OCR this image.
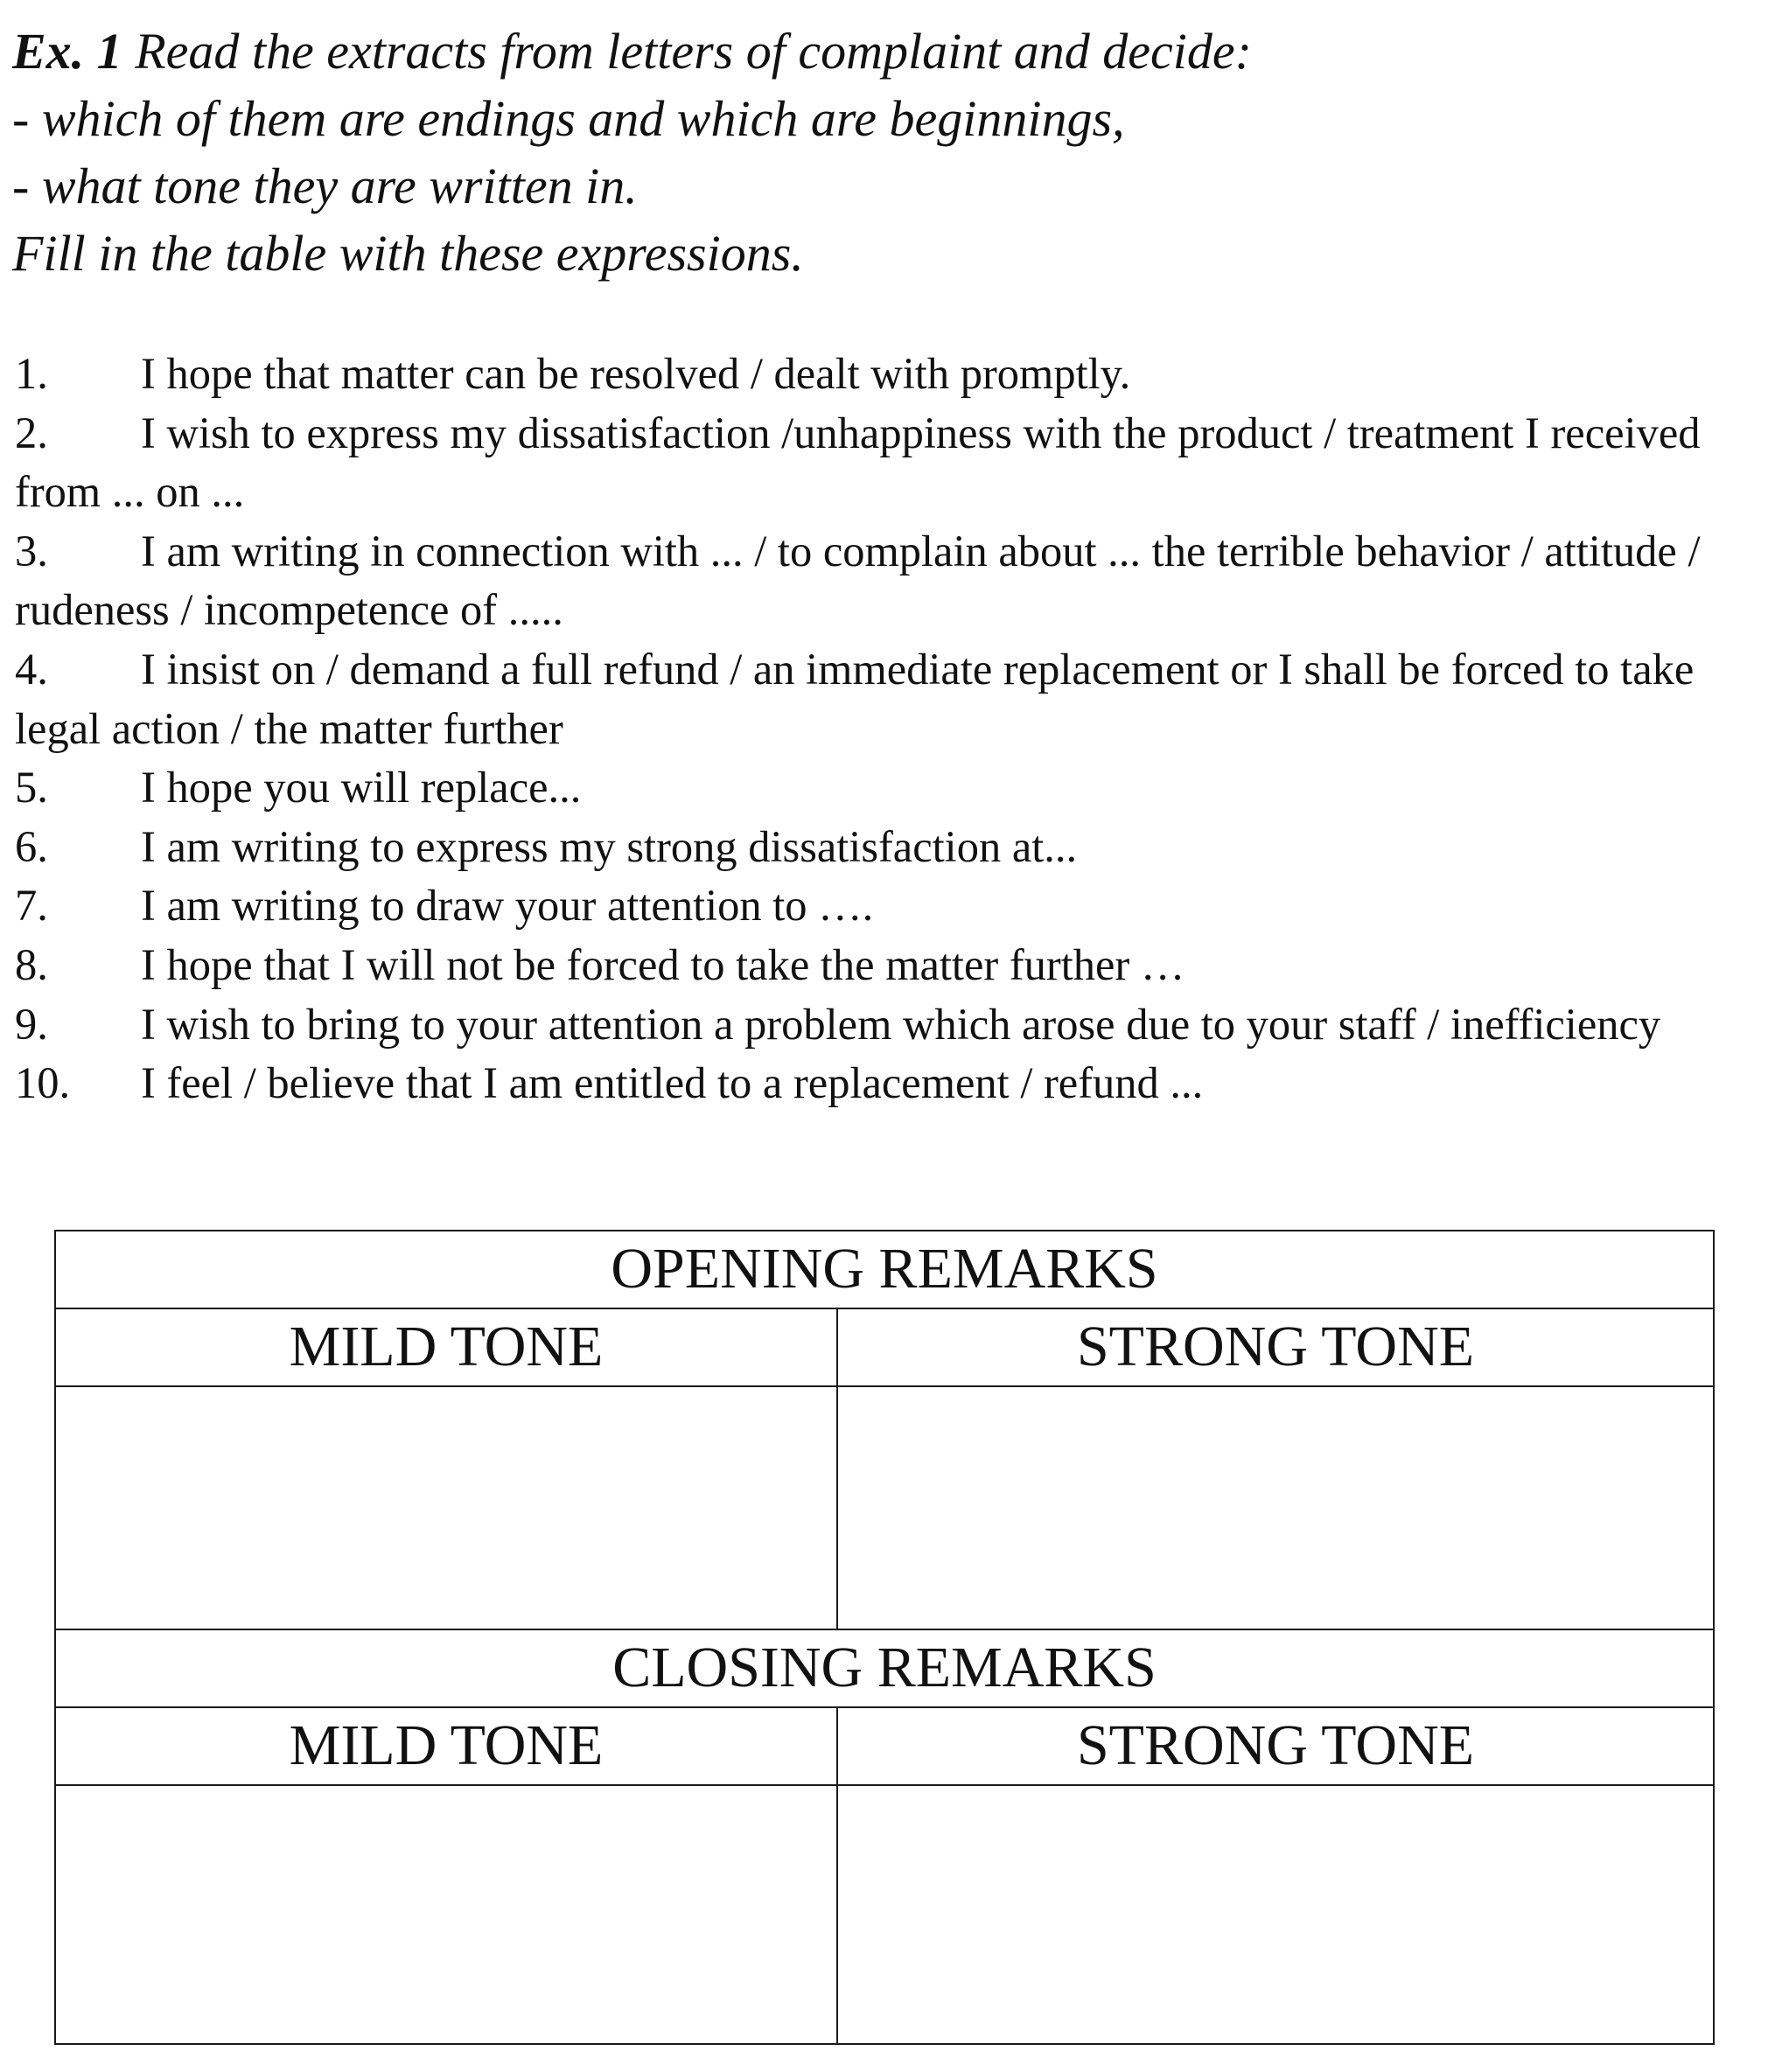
Ex. 1 Read the extracts from letters of complaint and decide:
- which of them are endings and which are beginnings,
- what tone they are written in.
Fill in the table with these expressions.
1. I hope that matter can be resolved / dealt with promptly.
2. I wish to express my dissatisfaction /unhappiness with the product / treatment I received from ... on ...
3. I am writing in connection with ... / to complain about ... the terrible behavior / attitude / rudeness / incompetence of .....
4. I insist on / demand a full refund / an immediate replacement or I shall be forced to take legal action / the matter further
5. I hope you will replace...
6. I am writing to express my strong dissatisfaction at...
7. I am writing to draw your attention to ….
8. I hope that I will not be forced to take the matter further …
9. I wish to bring to your attention a problem which arose due to your staff / inefficiency
10. I feel / believe that I am entitled to a replacement / refund ...
OPENING REMARKS	
MILD TONE	STRONG TONE

CLOSING REMARKS	
MILD TONE	STRONG TONE
